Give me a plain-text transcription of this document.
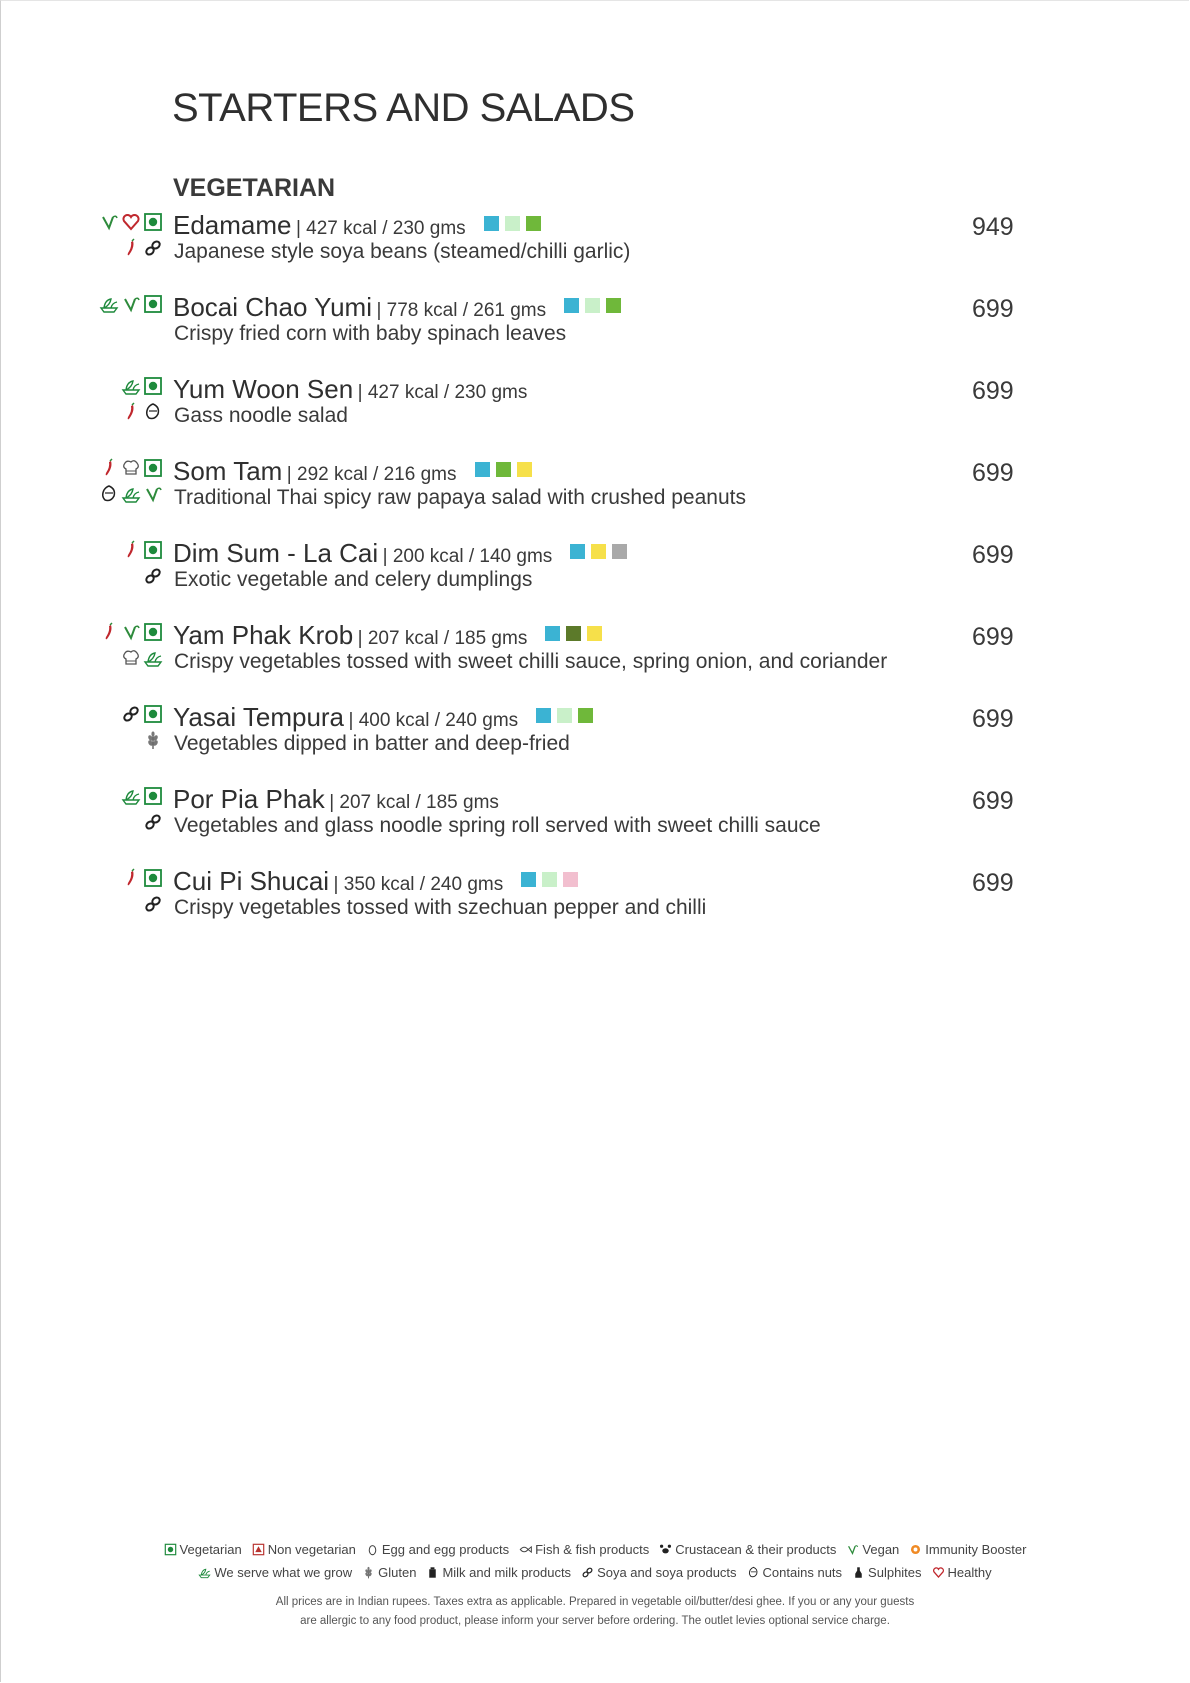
STARTERS AND SALADS
VEGETARIAN
Edamame | 427 kcal / 230 gms
Japanese style soya beans (steamed/chilli garlic)
949
Bocai Chao Yumi | 778 kcal / 261 gms
Crispy fried corn with baby spinach leaves
699
Yum Woon Sen | 427 kcal / 230 gms
Gass noodle salad
699
Som Tam | 292 kcal / 216 gms
Traditional Thai spicy raw papaya salad with crushed peanuts
699
Dim Sum - La Cai | 200 kcal / 140 gms
Exotic vegetable and celery dumplings
699
Yam Phak Krob | 207 kcal / 185 gms
Crispy vegetables tossed with sweet chilli sauce, spring onion, and coriander
699
Yasai Tempura | 400 kcal / 240 gms
Vegetables dipped in batter and deep-fried
699
Por Pia Phak | 207 kcal / 185 gms
Vegetables and glass noodle spring roll served with sweet chilli sauce
699
Cui Pi Shucai | 350 kcal / 240 gms
Crispy vegetables tossed with szechuan pepper and chilli
699
Vegetarian Non vegetarian Egg and egg products Fish & fish products Crustacean & their products Vegan Immunity Booster
We serve what we grow Gluten Milk and milk products Soya and soya products Contains nuts Sulphites Healthy
All prices are in Indian rupees. Taxes extra as applicable. Prepared in vegetable oil/butter/desi ghee. If you or any your guests
are allergic to any food product, please inform your server before ordering. The outlet levies optional service charge.
